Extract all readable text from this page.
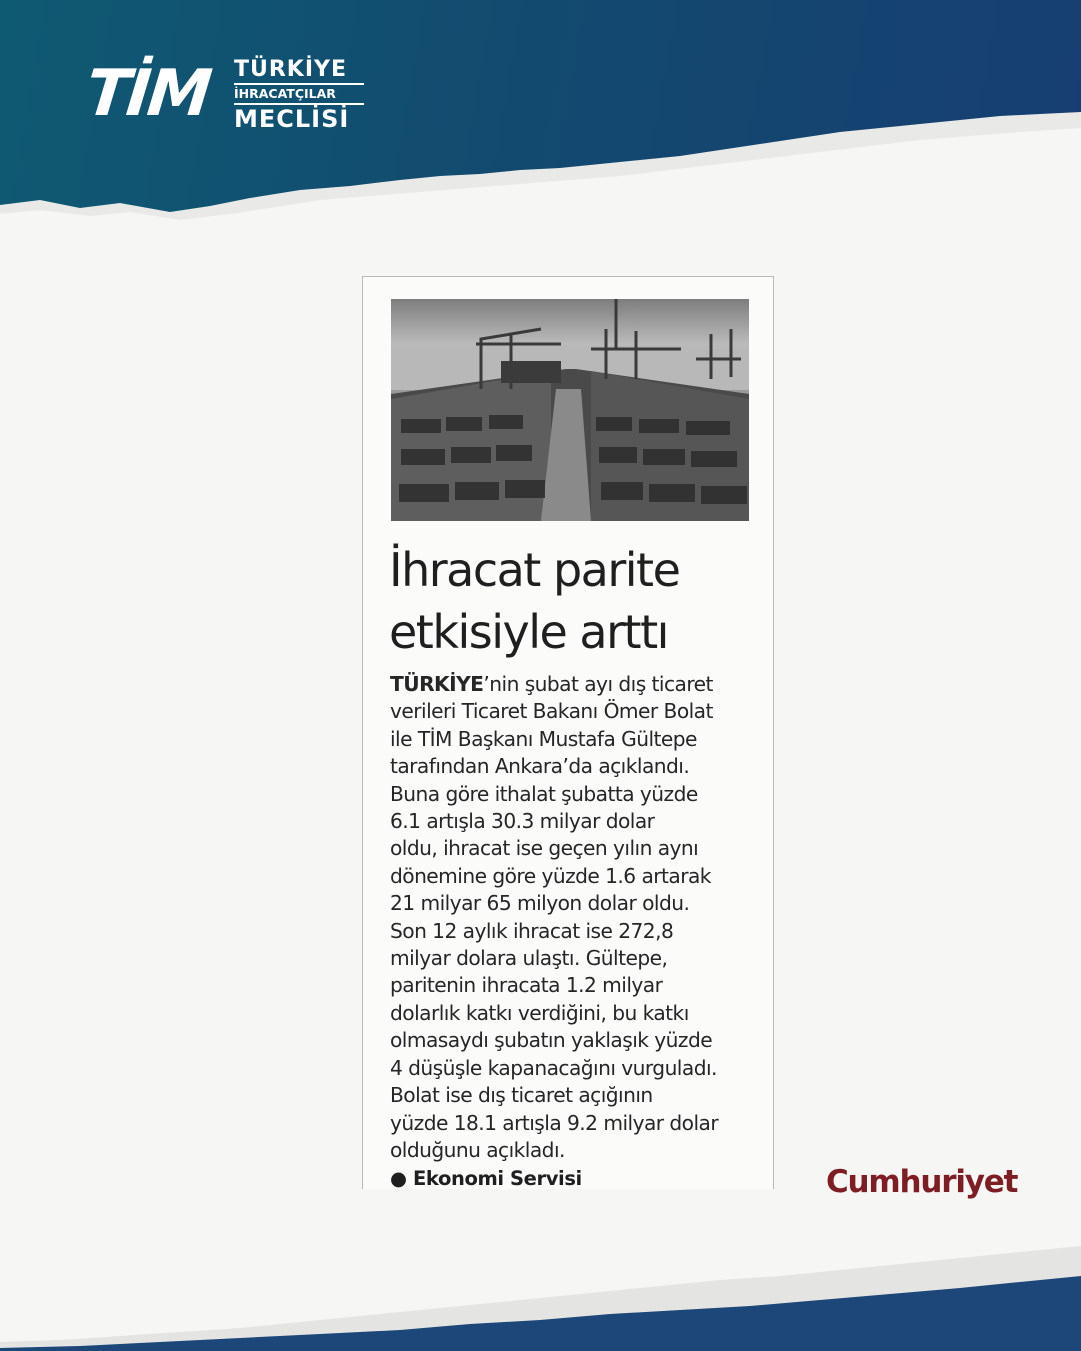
TİM TÜRKİYE
İHRACATÇILAR
MECLİSİ
İhracat parite etkisiyle arttı
TÜRKİYE’nin şubat ayı dış ticaret
verileri Ticaret Bakanı Ömer Bolat
ile TİM Başkanı Mustafa Gültepe
tarafından Ankara’da açıklandı.
Buna göre ithalat şubatta yüzde
6.1 artışla 30.3 milyar dolar
oldu, ihracat ise geçen yılın aynı
dönemine göre yüzde 1.6 artarak
21 milyar 65 milyon dolar oldu.
Son 12 aylık ihracat ise 272,8
milyar dolara ulaştı. Gültepe,
paritenin ihracata 1.2 milyar
dolarlık katkı verdiğini, bu katkı
olmasaydı şubatın yaklaşık yüzde
4 düşüşle kapanacağını vurguladı.
Bolat ise dış ticaret açığının
yüzde 18.1 artışla 9.2 milyar dolar
olduğunu açıkladı.
● Ekonomi Servisi	Cumhuriyet
